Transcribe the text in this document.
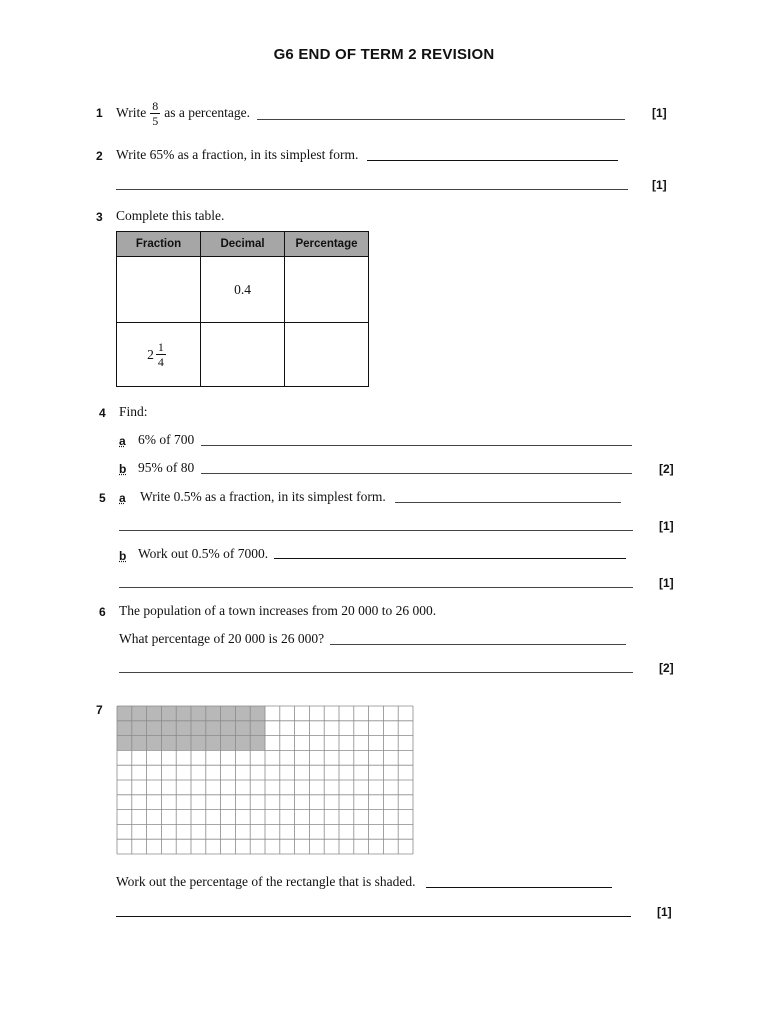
G6 END OF TERM 2 REVISION
1 Write $\frac{8}{5}$ as a percentage.	[1]
2 Write 65% as a fraction, in its simplest form.
[1]
3 Complete this table.
Fraction	Decimal	Percentage
	0.4	

$2 \frac{1}{4}$

4 Find:
a 6% of 700
b 95% of 80	[2]
5 a Write 0.5% as a fraction, in its simplest form.
[1]
b Work out 0.5% of 7000.
[1]
6 The population of a town increases from 20 000 to 26 000.
What percentage of 20 000 is 26 000?
[2]
7
Work out the percentage of the rectangle that is shaded.
[1]
